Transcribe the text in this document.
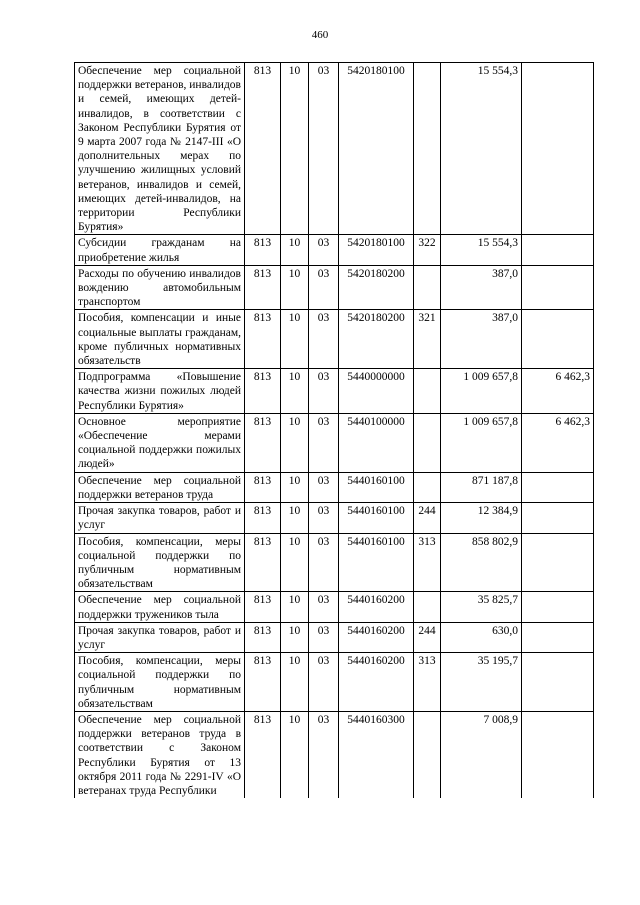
460
Обеспечение мер социальной поддержки ветеранов, инвалидов и семей, имеющих детей-инвалидов, в соответствии с Законом Республики Бурятия от 9 марта 2007 года № 2147-III «О дополнительных мерах по улучшению жилищных условий ветеранов, инвалидов и семей, имеющих детей-инвалидов, на территории Республики Бурятия»	813	10	03	5420180100		15 554,3	
Субсидии гражданам на приобретение жилья	813	10	03	5420180100	322	15 554,3	
Расходы по обучению инвалидов вождению автомобильным транспортом	813	10	03	5420180200		387,0	
Пособия, компенсации и иные социальные выплаты гражданам, кроме публичных нормативных обязательств	813	10	03	5420180200	321	387,0	
Подпрограмма «Повышение качества жизни пожилых людей Республики Бурятия»	813	10	03	5440000000		1 009 657,8	6 462,3
Основное мероприятие «Обеспечение мерами социальной поддержки пожилых людей»	813	10	03	5440100000		1 009 657,8	6 462,3
Обеспечение мер социальной поддержки ветеранов труда	813	10	03	5440160100		871 187,8	
Прочая закупка товаров, работ и услуг	813	10	03	5440160100	244	12 384,9	
Пособия, компенсации, меры социальной поддержки по публичным нормативным обязательствам	813	10	03	5440160100	313	858 802,9	
Обеспечение мер социальной поддержки тружеников тыла	813	10	03	5440160200		35 825,7	
Прочая закупка товаров, работ и услуг	813	10	03	5440160200	244	630,0	
Пособия, компенсации, меры социальной поддержки по публичным нормативным обязательствам	813	10	03	5440160200	313	35 195,7	
Обеспечение мер социальной поддержки ветеранов труда в соответствии с Законом Республики Бурятия от 13 октября 2011 года № 2291-IV «О ветеранах труда Республики	813	10	03	5440160300		7 008,9	
